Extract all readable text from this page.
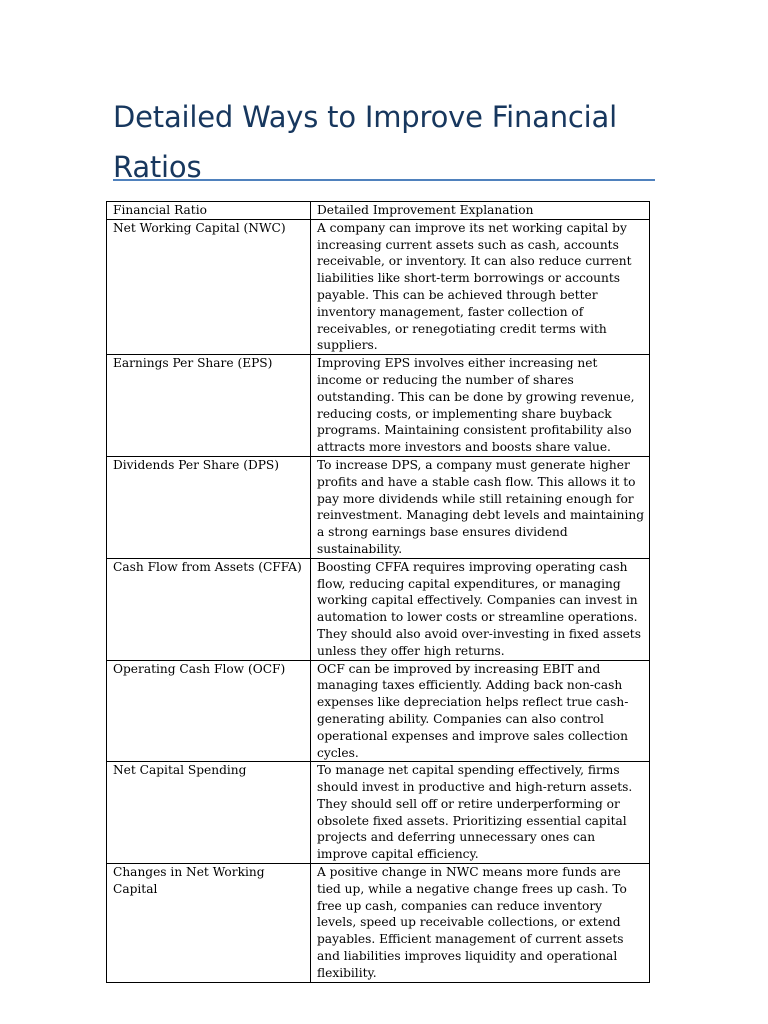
Detailed Ways to Improve Financial Ratios
Financial Ratio	Detailed Improvement Explanation
Net Working Capital (NWC)	A company can improve its net working capital by increasing current assets such as cash, accounts receivable, or inventory. It can also reduce current liabilities like short-term borrowings or accounts payable. This can be achieved through better inventory management, faster collection of receivables, or renegotiating credit terms with suppliers.
Earnings Per Share (EPS)	Improving EPS involves either increasing net income or reducing the number of shares outstanding. This can be done by growing revenue, reducing costs, or implementing share buyback programs. Maintaining consistent profitability also attracts more investors and boosts share value.
Dividends Per Share (DPS)	To increase DPS, a company must generate higher profits and have a stable cash flow. This allows it to pay more dividends while still retaining enough for reinvestment. Managing debt levels and maintaining a strong earnings base ensures dividend sustainability.
Cash Flow from Assets (CFFA)	Boosting CFFA requires improving operating cash flow, reducing capital expenditures, or managing working capital effectively. Companies can invest in automation to lower costs or streamline operations. They should also avoid over-investing in fixed assets unless they offer high returns.
Operating Cash Flow (OCF)	OCF can be improved by increasing EBIT and managing taxes efficiently. Adding back non-cash expenses like depreciation helps reflect true cash-generating ability. Companies can also control operational expenses and improve sales collection cycles.
Net Capital Spending	To manage net capital spending effectively, firms should invest in productive and high-return assets. They should sell off or retire underperforming or obsolete fixed assets. Prioritizing essential capital projects and deferring unnecessary ones can improve capital efficiency.
Changes in Net Working Capital	A positive change in NWC means more funds are tied up, while a negative change frees up cash. To free up cash, companies can reduce inventory levels, speed up receivable collections, or extend payables. Efficient management of current assets and liabilities improves liquidity and operational flexibility.
